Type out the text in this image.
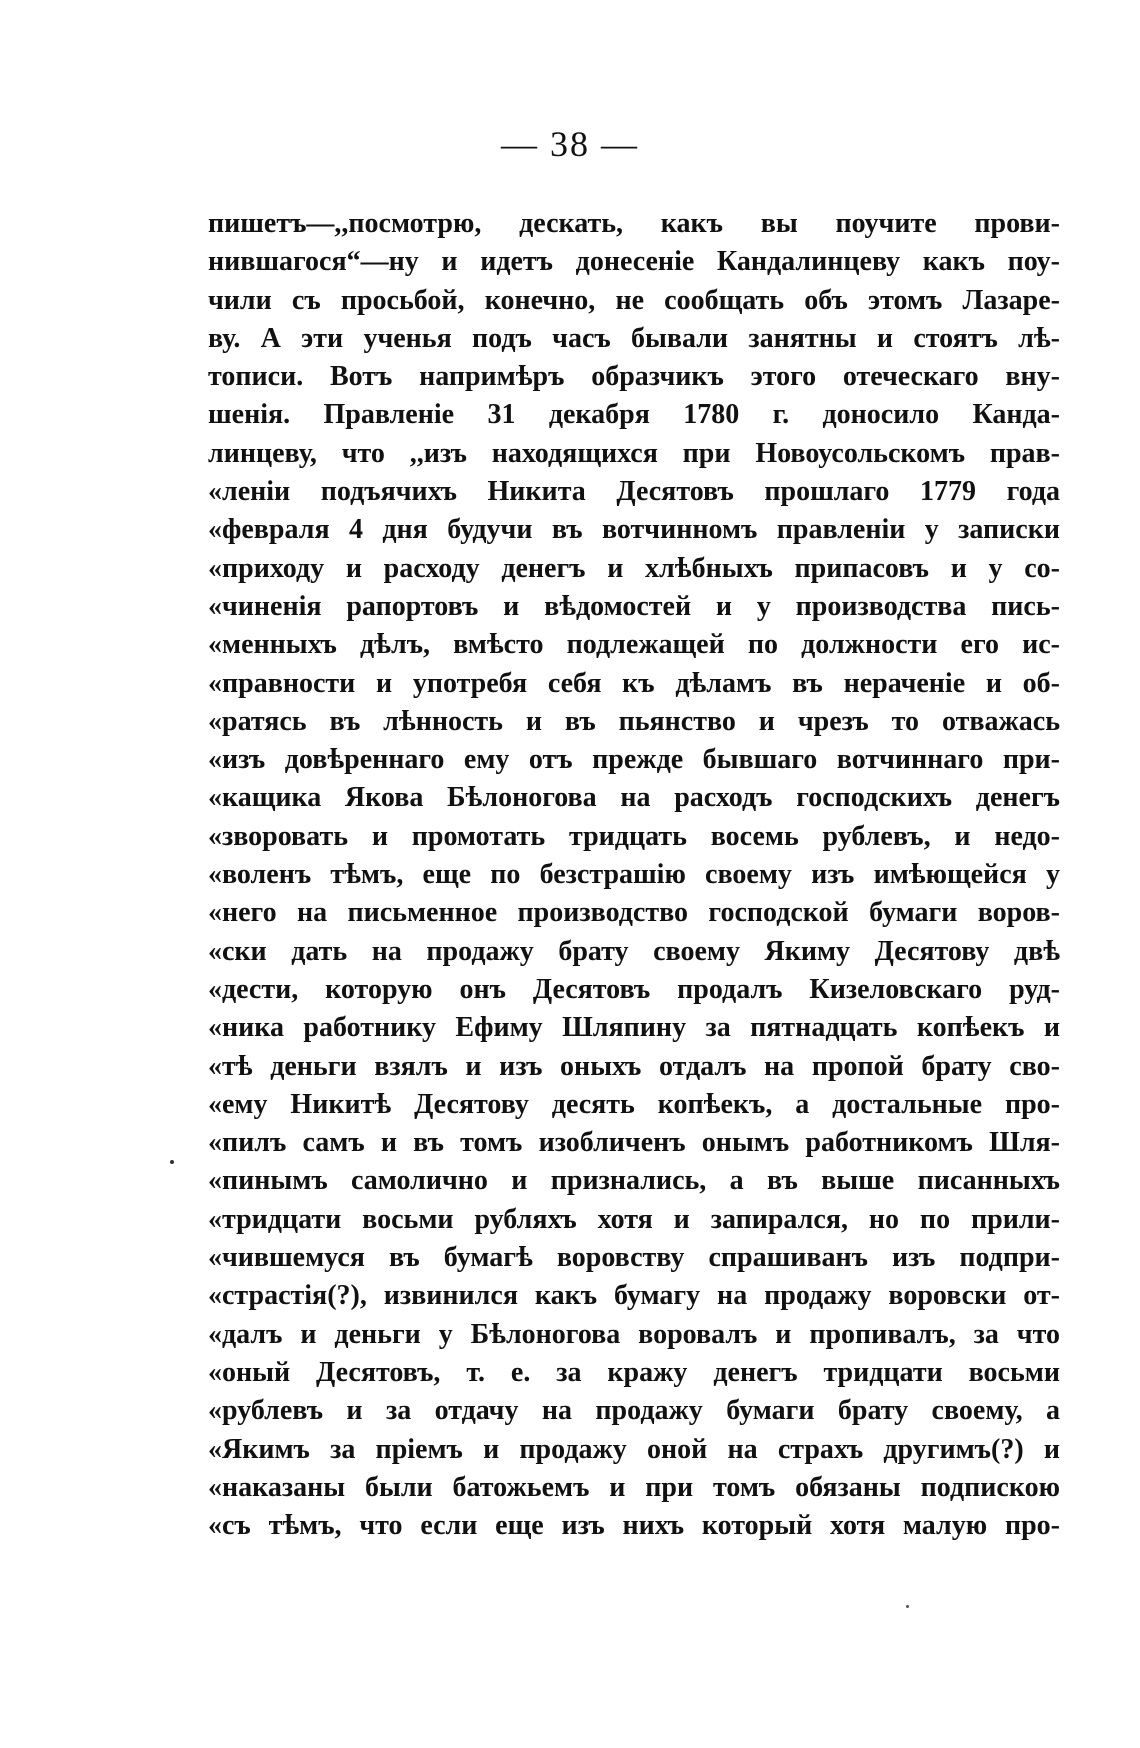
— 38 —
пишетъ—,,посмотрю, дескать, какъ вы поучите прови-
нившагося“—ну и идетъ донесеніе Кандалинцеву какъ поу-
чили съ просьбой, конечно, не сообщать объ этомъ Лазаре-
ву. А эти ученья подъ часъ бывали занятны и стоятъ лѣ-
тописи. Вотъ напримѣръ образчикъ этого отеческаго вну-
шенія. Правленіе 31 декабря 1780 г. доносило Канда-
линцеву, что ,,изъ находящихся при Новоусольскомъ прав-
«леніи подъячихъ Никита Десятовъ прошлаго 1779 года
«февраля 4 дня будучи въ вотчинномъ правленіи у записки
«приходу и расходу денегъ и хлѣбныхъ припасовъ и у со-
«чиненія рапортовъ и вѣдомостей и у производства пись-
«менныхъ дѣлъ, вмѣсто подлежащей по должности его ис-
«правности и употребя себя къ дѣламъ въ нераченіе и об-
«ратясь въ лѣнность и въ пьянство и чрезъ то отважась
«изъ довѣреннаго ему отъ прежде бывшаго вотчиннаго при-
«кащика Якова Бѣлоногова на расходъ господскихъ денегъ
«зворовать и промотать тридцать восемь рублевъ, и недо-
«воленъ тѣмъ, еще по безстрашію своему изъ имѣющейся у
«него на письменное производство господской бумаги воров-
«ски дать на продажу брату своему Якиму Десятову двѣ
«дести, которую онъ Десятовъ продалъ Кизеловскаго руд-
«ника работнику Ефиму Шляпину за пятнадцать копѣекъ и
«тѣ деньги взялъ и изъ оныхъ отдалъ на пропой брату сво-
«ему Никитѣ Десятову десять копѣекъ, а достальные про-
«пилъ самъ и въ томъ изобличенъ онымъ работникомъ Шля-
«пинымъ самолично и признались, а въ выше писанныхъ
«тридцати восьми рубляхъ хотя и запирался, но по прили-
«чившемуся въ бумагѣ воровству спрашиванъ изъ подпри-
«страстія(?), извинился какъ бумагу на продажу воровски от-
«далъ и деньги у Бѣлоногова воровалъ и пропивалъ, за что
«оный Десятовъ, т. е. за кражу денегъ тридцати восьми
«рублевъ и за отдачу на продажу бумаги брату своему, а
«Якимъ за пріемъ и продажу оной на страхъ другимъ(?) и
«наказаны были батожьемъ и при томъ обязаны подпискою
«съ тѣмъ, что если еще изъ нихъ который хотя малую про-
